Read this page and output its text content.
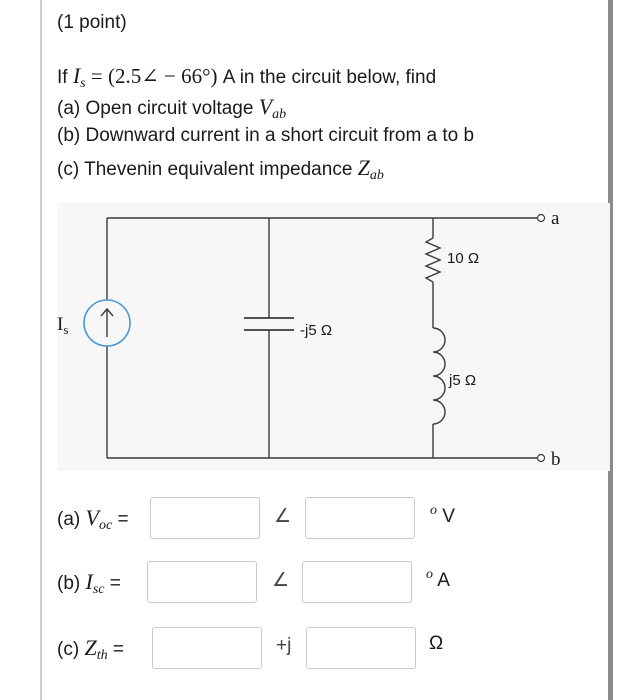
(1 point)
If $I_s$ = (2.5∠ − 66°) A in the circuit below, find
(a) Open circuit voltage $V_{ab}$
(b) Downward current in a short circuit from a to b
(c) Thevenin equivalent impedance $Z_{ab}$
$I_s$	-j5 Ω
10 Ω
j5 Ω
a
b
(a) $V_{oc}$ =	∠	$^o$ V
(b) $I_{sc}$ =	∠	$^o$ A
(c) $Z_{th}$ =	+j	Ω
